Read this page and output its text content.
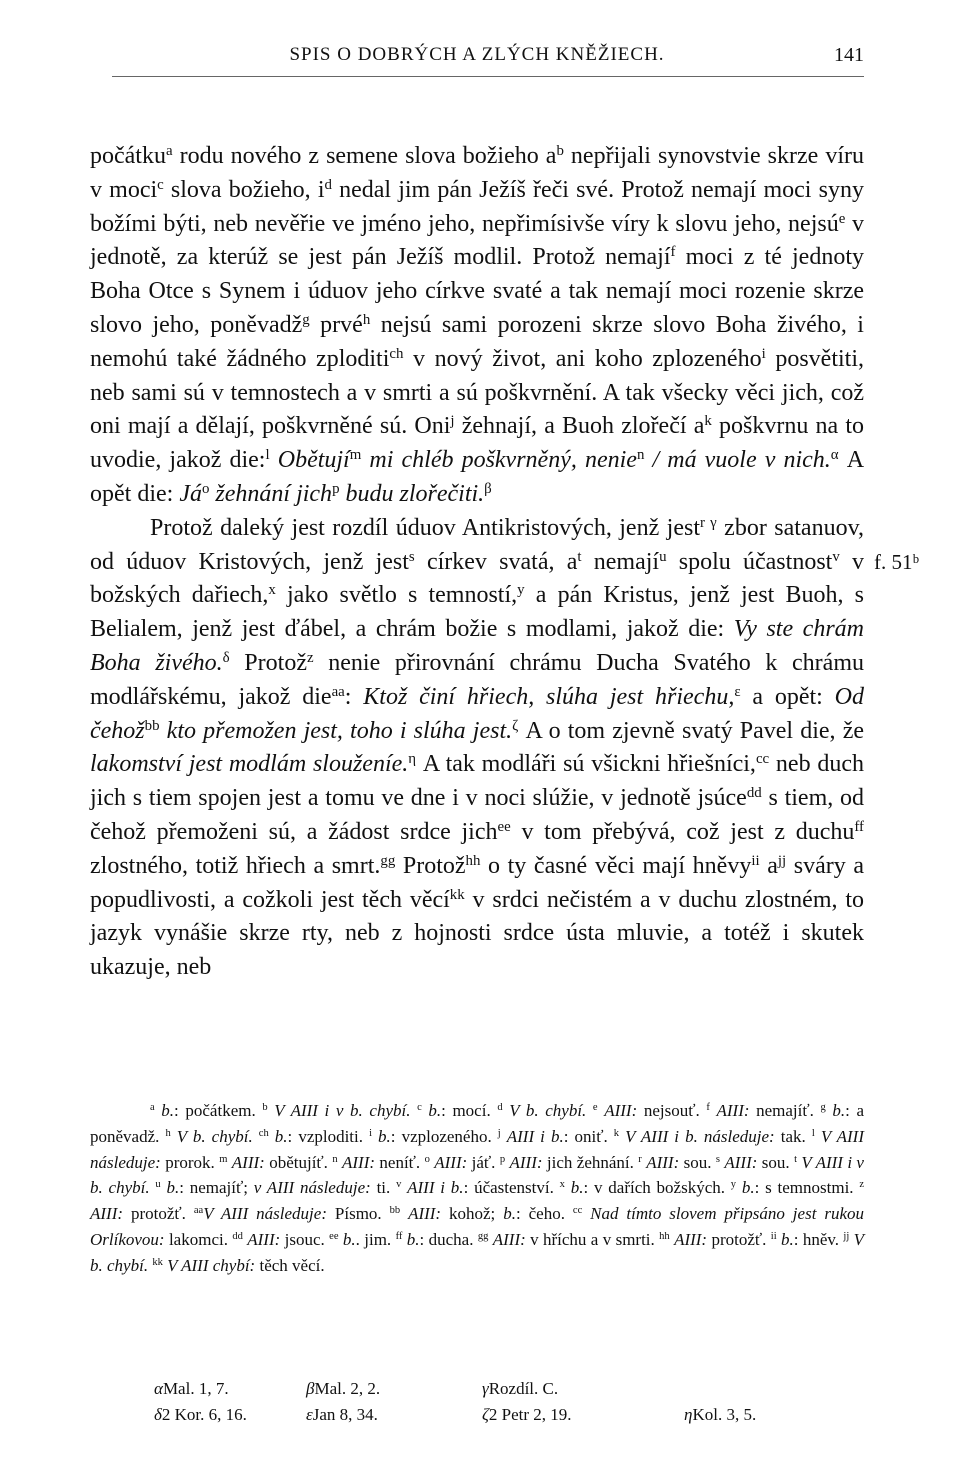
SPIS O DOBRÝCH A ZLÝCH KNĚŽIECH.	141

počátku$^a$ rodu nového z semene slova božieho $a^b$ nepřijali synovstvie skrze víru v moci$^c$ slova božieho, $i^d$ nedal jim pán Ježíš řeči své. Protož nemají moci syny božími býti, neb nevěřie ve jméno jeho, nepřimísivše víry k slovu jeho, nejsú$^e$ v jednotě, za kterúž se jest pán Ježíš modlil. Protož nemají$^f$ moci z té jednoty Boha Otce s Synem i úduov jeho církve svaté a tak nemají moci rozenie skrze slovo jeho, poněvadž$^g$ prvé$^h$ nejsú sami porozeni skrze slovo Boha živého, i nemohú také žádného zploditi$^{ch}$ v nový život, ani koho zplozeného$^i$ posvětiti, neb sami sú v temnostech a v smrti a sú poškvrnění. A tak všecky věci jich, což oni mají a dělají, poškvrněné sú. Oni$^j$ žehnají, a Buoh zlořečí $a^k$ poškvrnu na to uvodie, jakož die:$^l$ Obětují$^m$ mi chléb poškvrněný, nenie$^n$ / má vuole v nich.$^\alpha$ A opět die: $Já^o$ žehnání jich$^p$ budu zlořečiti.$^\beta$

Protož daleký jest rozdíl úduov Antikristových, jenž jest$^{r \gamma}$ zbor satanuov, od úduov Kristových, jenž jest$^s$ církev svatá, $a^t$ nemají$^u$ spolu účastnost$^v$ v božských dařiech,$^x$ jako světlo s temností,$^y$ a pán Kristus, jenž jest Buoh, s Belialem, jenž jest ďábel, a chrám božie s modlami, jakož die: Vy ste chrám Boha živého.$^\delta$ Protož$^z$ nenie přirovnání chrámu Ducha Svatého k chrámu modlářskému, jakož die$^{aa}$: Ktož činí hřiech, slúha jest hřiechu,$^\varepsilon$ a opět: Od čehož$^{bb}$ kto přemožen jest, toho i slúha jest.$^\zeta$ A o tom zjevně svatý Pavel die, že lakomství jest modlám slouženíe.$^\eta$ A tak modláři sú všickni hřiešníci,$^{cc}$ neb duch jich s tiem spojen jest a tomu ve dne i v noci slúžie, v jednotě jsúce$^{dd}$ s tiem, od čehož přemoženi sú, a žádost srdce jich$^{ee}$ v tom přebývá, což jest z duchu$^{ff}$ zlostného, totiž hřiech a smrt.$^{gg}$ Protož$^{hh}$ o ty časné věci mají hněvy$^{ii}$ $a^{jj}$ sváry a popudlivosti, a cožkoli jest těch věcí$^{kk}$ v srdci nečistém a v duchu zlostném, to jazyk vynášie skrze rty, neb z hojnosti srdce ústa mluvie, a totéž i skutek ukazuje, neb

f. 51ᵇ

$^a$ b.: počátkem. $^b$ V AIII i v b. chybí. $^c$ b.: mocí. $^d$ V b. chybí. $^e$ AIII: nejsouť. $^f$ AIII: nemajíť. $^g$ b.: a poněvadž. $^h$ V b. chybí. $^{ch}$ b.: vzploditi. $^i$ b.: vzplozeného. $^j$ AIII i b.: oniť. $^k$ V AIII i b. následuje: tak. $^l$ V AIII následuje: prorok. $^m$ AIII: obětujíť. $^n$ AIII: neníť. $^o$ AIII: jáť. $^p$ AIII: jich žehnání. $^r$ AIII: sou. $^s$ AIII: sou. $^t$ V AIII i v b. chybí. $^u$ b.: nemajíť; v AIII následuje: ti. $^v$ AIII i b.: účastenství. $^x$ b.: v dařích božských. $^y$ b.: s temnostmi. $^z$ AIII: protožť. $^{aa}$V AIII následuje: Písmo. $^{bb}$ AIII: kohož; b.: čeho. $^{cc}$ Nad tímto slovem připsáno jest rukou Orlíkovou: lakomci. $^{dd}$ AIII: jsouc. $^{ee}$ b.. jim. $^{ff}$ b.: ducha. $^{gg}$ AIII: v hříchu a v smrti. $^{hh}$ AIII: protožť. $^{ii}$ b.: hněv. $^{jj}$ V b. chybí. $^{kk}$ V AIII chybí: těch věcí.

αMal. 1, 7.	βMal. 2, 2.	γRozdíl. C.
δ2 Kor. 6, 16.	εJan 8, 34.	ζ2 Petr 2, 19.	ηKol. 3, 5.
